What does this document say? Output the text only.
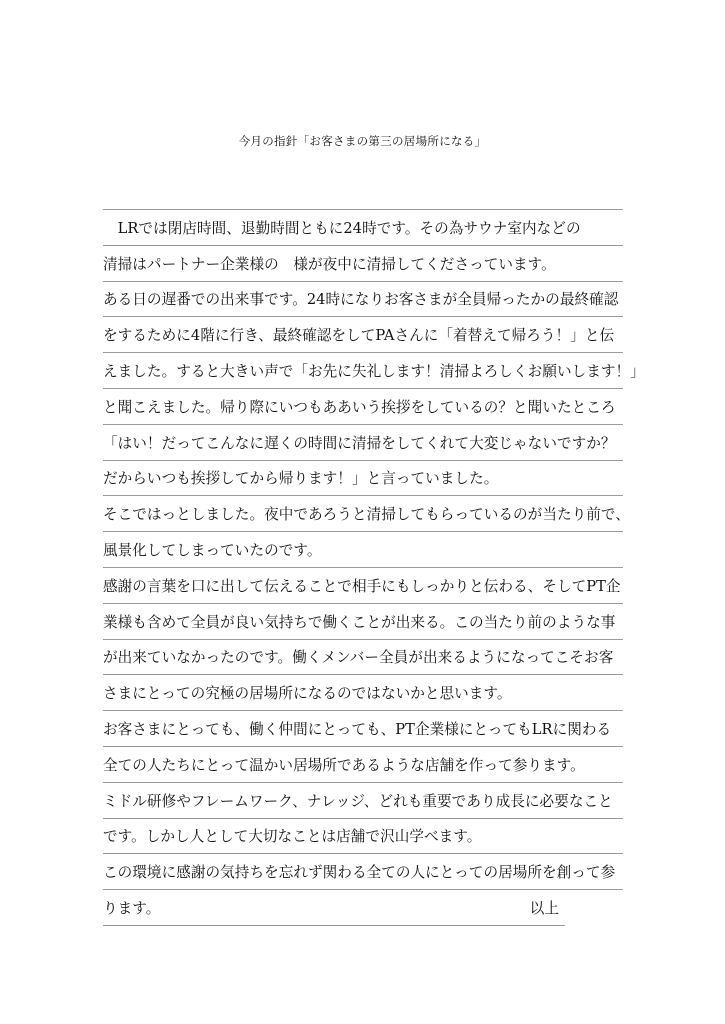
今月の指針「お客さまの第三の居場所になる」
　LRでは閉店時間、退勤時間ともに24時です。その為サウナ室内などの
清掃はパートナー企業様の　様が夜中に清掃してくださっています。
ある日の遅番での出来事です。24時になりお客さまが全員帰ったかの最終確認
をするために4階に行き、最終確認をしてPAさんに「着替えて帰ろう！」と伝
えました。すると大きい声で「お先に失礼します！清掃よろしくお願いします！」
と聞こえました。帰り際にいつもああいう挨拶をしているの？と聞いたところ
「はい！だってこんなに遅くの時間に清掃をしてくれて大変じゃないですか？
だからいつも挨拶してから帰ります！」と言っていました。
そこではっとしました。夜中であろうと清掃してもらっているのが当たり前で、
風景化してしまっていたのです。
感謝の言葉を口に出して伝えることで相手にもしっかりと伝わる、そしてPT企
業様も含めて全員が良い気持ちで働くことが出来る。この当たり前のような事
が出来ていなかったのです。働くメンバー全員が出来るようになってこそお客
さまにとっての究極の居場所になるのではないかと思います。
お客さまにとっても、働く仲間にとっても、PT企業様にとってもLRに関わる
全ての人たちにとって温かい居場所であるような店舗を作って参ります。
ミドル研修やフレームワーク、ナレッジ、どれも重要であり成長に必要なこと
です。しかし人として大切なことは店舗で沢山学べます。
この環境に感謝の気持ちを忘れず関わる全ての人にとっての居場所を創って参
ります。	以上
